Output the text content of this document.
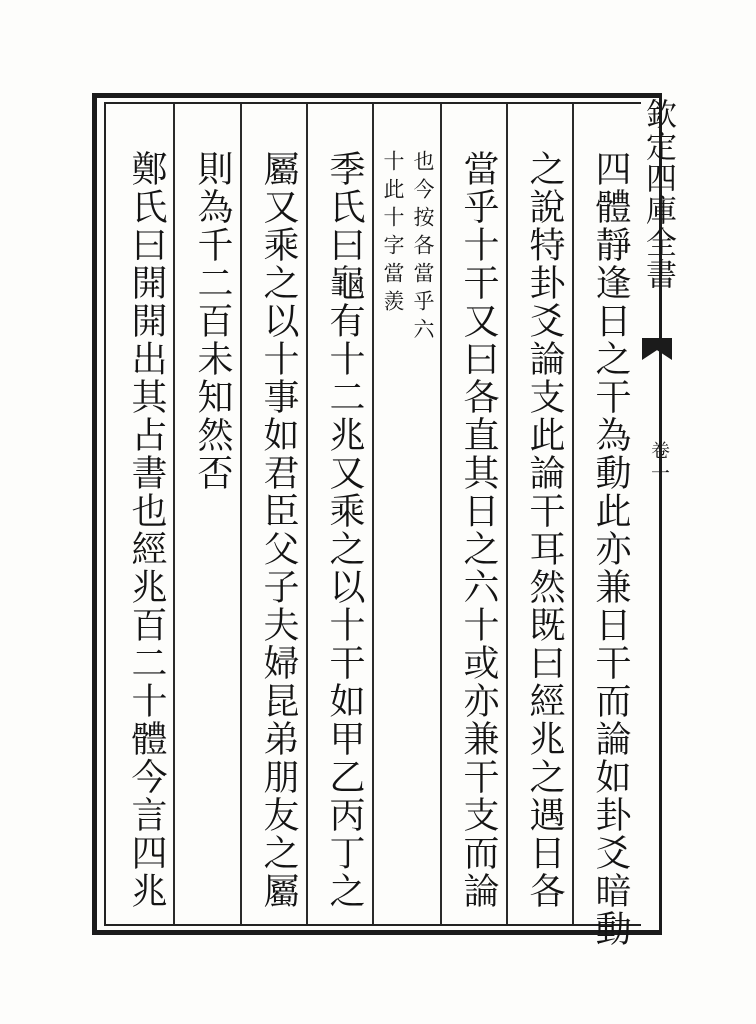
欽定四庫全書
卷一
四體靜逢日之干為動此亦兼日干而論如卦爻暗動
之說特卦爻論支此論干耳然既曰經兆之遇日各
當乎十干又曰各直其日之六十或亦兼干支而論
也今按各當乎六
十此十字當羨
季氏曰龜有十二兆又乘之以十干如甲乙丙丁之
屬又乘之以十事如君臣父子夫婦昆弟朋友之屬
則為千二百未知然否
鄭氏曰開開出其占書也經兆百二十體今言四兆
